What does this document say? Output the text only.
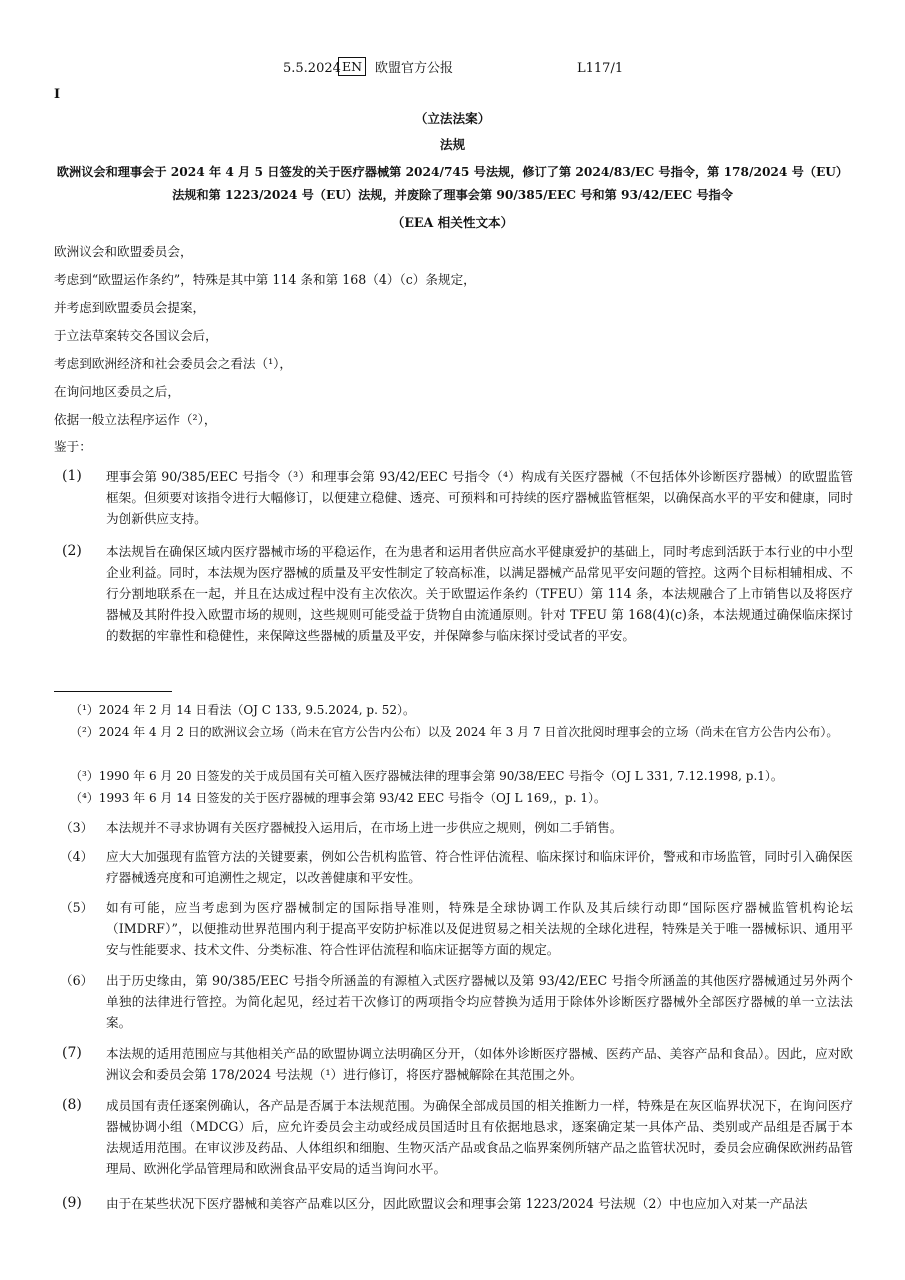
5.5.2024 EN 欧盟官方公报	L117/1
I
（立法法案）
法规
欧洲议会和理事会于 2024 年 4 月 5 日签发的关于医疗器械第 2024/745 号法规，修订了第 2024/83/EC 号指令，第 178/2024 号（EU）
法规和第 1223/2024 号（EU）法规，并废除了理事会第 90/385/EEC 号和第 93/42/EEC 号指令
（EEA 相关性文本）
欧洲议会和欧盟委员会，
考虑到“欧盟运作条约”，特殊是其中第 114 条和第 168（4）（c）条规定，
并考虑到欧盟委员会提案，
于立法草案转交各国议会后，
考虑到欧洲经济和社会委员会之看法（¹），
在询问地区委员之后，
依据一般立法程序运作（²），
鉴于：
(1) 理事会第 90/385/EEC 号指令（³）和理事会第 93/42/EEC 号指令（⁴）构成有关医疗器械（不包括体外诊断医疗器械）的欧盟监管框架。但须要对该指令进行大幅修订，以便建立稳健、透亮、可预料和可持续的医疗器械监管框架，以确保高水平的平安和健康，同时为创新供应支持。
(2) 本法规旨在确保区域内医疗器械市场的平稳运作，在为患者和运用者供应高水平健康爱护的基础上，同时考虑到活跃于本行业的中小型企业利益。同时，本法规为医疗器械的质量及平安性制定了较高标准，以满足器械产品常见平安问题的管控。这两个目标相辅相成、不行分割地联系在一起，并且在达成过程中没有主次依次。关于欧盟运作条约（TFEU）第 114 条，本法规融合了上市销售以及将医疗器械及其附件投入欧盟市场的规则，这些规则可能受益于货物自由流通原则。针对 TFEU 第 168(4)(c)条，本法规通过确保临床探讨的数据的牢靠性和稳健性，来保障这些器械的质量及平安，并保障参与临床探讨受试者的平安。
（¹）2024 年 2 月 14 日看法（OJ C 133, 9.5.2024, p. 52）。
（²）2024 年 4 月 2 日的欧洲议会立场（尚未在官方公告内公布）以及 2024 年 3 月 7 日首次批阅时理事会的立场（尚未在官方公告内公布）。
（³）1990 年 6 月 20 日签发的关于成员国有关可植入医疗器械法律的理事会第 90/38/EEC 号指令（OJ L 331, 7.12.1998, p.1）。
（⁴）1993 年 6 月 14 日签发的关于医疗器械的理事会第 93/42 EEC 号指令（OJ L 169,，p. 1）。
（3） 本法规并不寻求协调有关医疗器械投入运用后，在市场上进一步供应之规则，例如二手销售。
（4） 应大大加强现有监管方法的关键要素，例如公告机构监管、符合性评估流程、临床探讨和临床评价，警戒和市场监管，同时引入确保医疗器械透亮度和可追溯性之规定，以改善健康和平安性。
（5） 如有可能，应当考虑到为医疗器械制定的国际指导准则，特殊是全球协调工作队及其后续行动即“国际医疗器械监管机构论坛（IMDRF）”，以便推动世界范围内利于提高平安防护标准以及促进贸易之相关法规的全球化进程，特殊是关于唯一器械标识、通用平安与性能要求、技术文件、分类标准、符合性评估流程和临床证据等方面的规定。
（6） 出于历史缘由，第 90/385/EEC 号指令所涵盖的有源植入式医疗器械以及第 93/42/EEC 号指令所涵盖的其他医疗器械通过另外两个单独的法律进行管控。为简化起见，经过若干次修订的两项指令均应替换为适用于除体外诊断医疗器械外全部医疗器械的单一立法法案。
(7) 本法规的适用范围应与其他相关产品的欧盟协调立法明确区分开，（如体外诊断医疗器械、医药产品、美容产品和食品）。因此，应对欧洲议会和委员会第 178/2024 号法规（¹）进行修订，将医疗器械解除在其范围之外。
(8) 成员国有责任逐案例确认，各产品是否属于本法规范围。为确保全部成员国的相关推断力一样，特殊是在灰区临界状况下，在询问医疗器械协调小组（MDCG）后，应允许委员会主动或经成员国适时且有依据地恳求，逐案确定某一具体产品、类别或产品组是否属于本法规适用范围。在审议涉及药品、人体组织和细胞、生物灭活产品或食品之临界案例所辖产品之监管状况时，委员会应确保欧洲药品管理局、欧洲化学品管理局和欧洲食品平安局的适当询问水平。
(9) 由于在某些状况下医疗器械和美容产品难以区分，因此欧盟议会和理事会第 1223/2024 号法规（2）中也应加入对某一产品法
